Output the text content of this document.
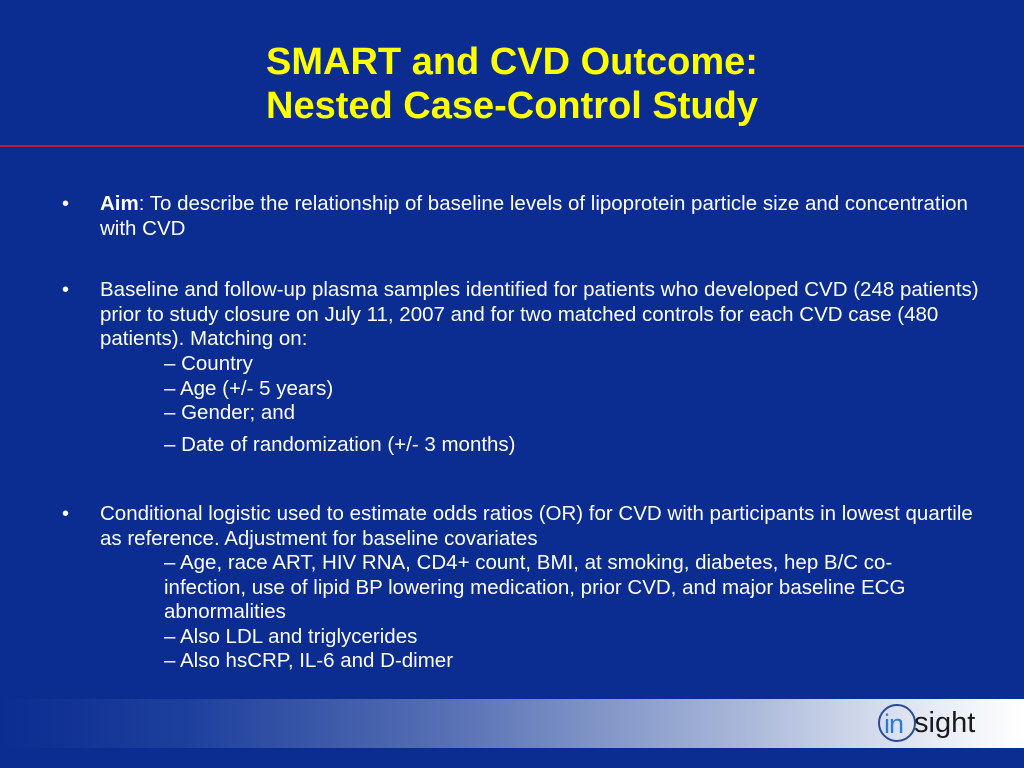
SMART and CVD Outcome:
Nested Case-Control Study
• Aim: To describe the relationship of baseline levels of lipoprotein particle size and concentration with CVD
• Baseline and follow-up plasma samples identified for patients who developed CVD (248 patients) prior to study closure on July 11, 2007 and for two matched controls for each CVD case (480 patients). Matching on:
– Country
– Age (+/- 5 years)
– Gender; and
– Date of randomization (+/- 3 months)
• Conditional logistic used to estimate odds ratios (OR) for CVD with participants in lowest quartile as reference. Adjustment for baseline covariates
– Age, race ART, HIV RNA, CD4+ count, BMI, at smoking, diabetes, hep B/C co-infection, use of lipid BP lowering medication, prior CVD, and major baseline ECG abnormalities
– Also LDL and triglycerides
– Also hsCRP, IL-6 and D-dimer
in sight
